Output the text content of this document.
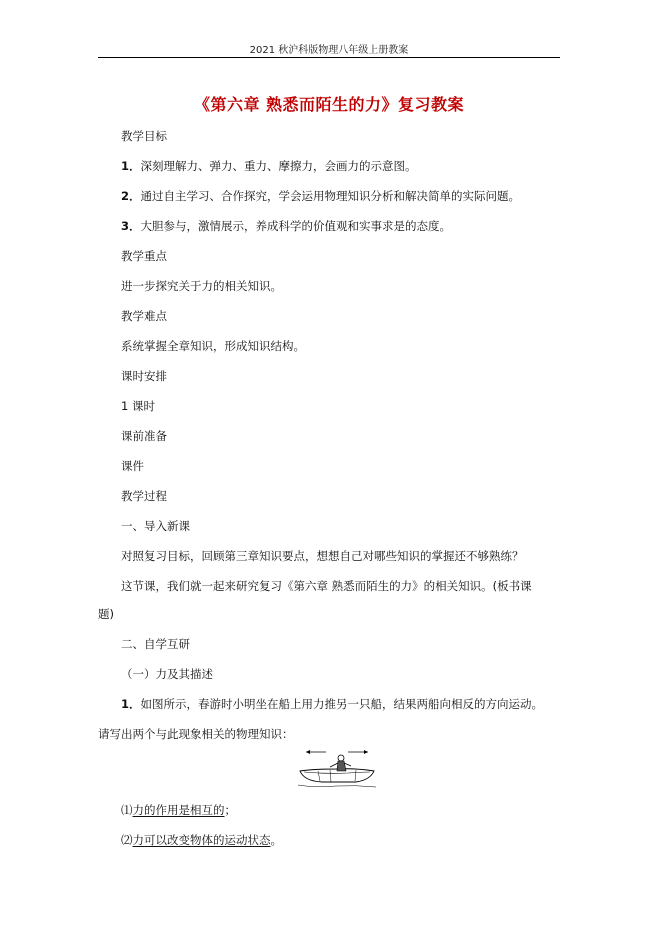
2021 秋沪科版物理八年级上册教案
《第六章 熟悉而陌生的力》复习教案
教学目标
1．深刻理解力、弹力、重力、摩擦力，会画力的示意图。
2．通过自主学习、合作探究，学会运用物理知识分析和解决简单的实际问题。
3．大胆参与，激情展示，养成科学的价值观和实事求是的态度。
教学重点
进一步探究关于力的相关知识。
教学难点
系统掌握全章知识，形成知识结构。
课时安排
1 课时
课前准备
课件
教学过程
一、导入新课
对照复习目标，回顾第三章知识要点，想想自己对哪些知识的掌握还不够熟练？
这节课，我们就一起来研究复习《第六章 熟悉而陌生的力》的相关知识。(板书课
题)
二、自学互研
（一）力及其描述
1．如图所示，春游时小明坐在船上用力推另一只船，结果两船向相反的方向运动。
请写出两个与此现象相关的物理知识：
⑴力的作用是相互的；
⑵力可以改变物体的运动状态。
